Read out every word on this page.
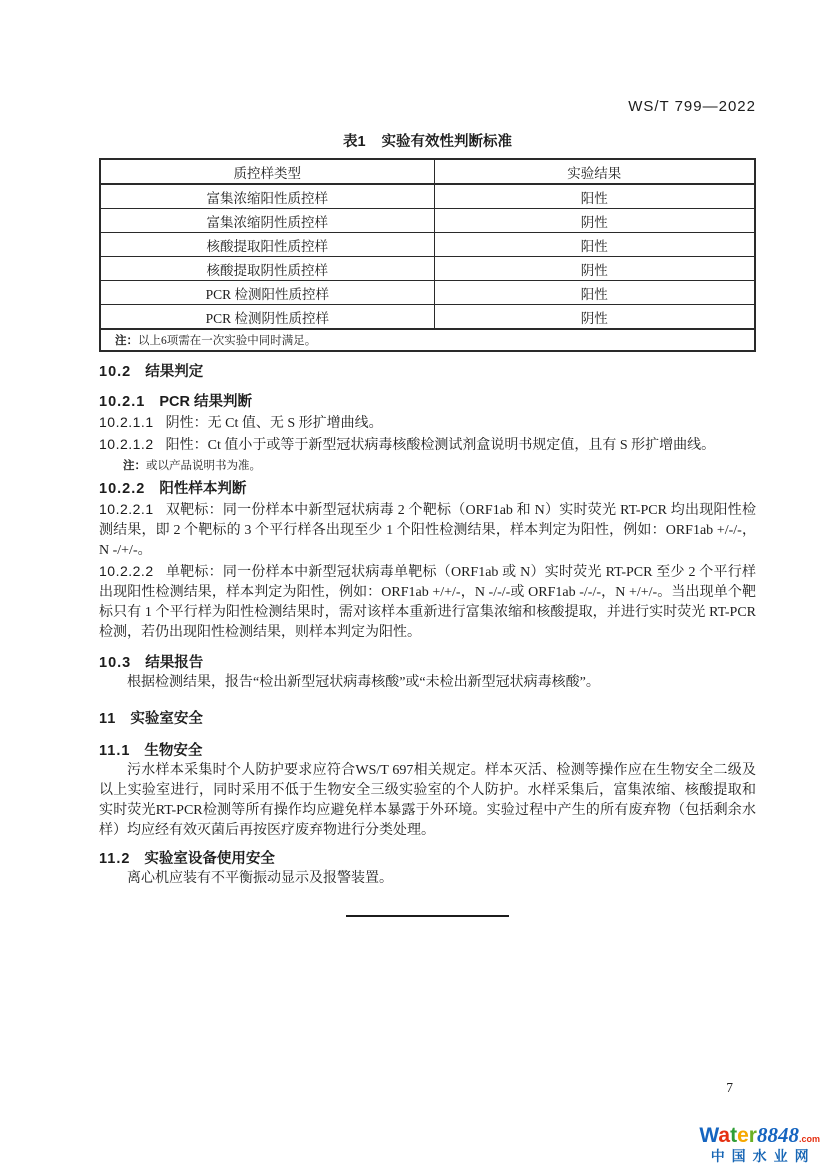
WS/T 799—2022
表1 实验有效性判断标准
质控样类型	实验结果
富集浓缩阳性质控样	阳性
富集浓缩阴性质控样	阴性
核酸提取阳性质控样	阳性
核酸提取阴性质控样	阴性
PCR 检测阳性质控样	阳性
PCR 检测阴性质控样	阴性
注：以上6项需在一次实验中同时满足。	
10.2 结果判定
10.2.1 PCR 结果判断

10.2.1.1 阴性：无 Ct 值、无 S 形扩增曲线。

10.2.1.2 阳性：Ct 值小于或等于新型冠状病毒核酸检测试剂盒说明书规定值，且有 S 形扩增曲线。

注：或以产品说明书为准。
10.2.2 阳性样本判断

10.2.2.1 双靶标：同一份样本中新型冠状病毒 2 个靶标（ORF1ab 和 N）实时荧光 RT-PCR 均出现阳性检测结果，即 2 个靶标的 3 个平行样各出现至少 1 个阳性检测结果，样本判定为阳性，例如：ORF1ab +/-/-，N -/+/-。

10.2.2.2 单靶标：同一份样本中新型冠状病毒单靶标（ORF1ab 或 N）实时荧光 RT-PCR 至少 2 个平行样出现阳性检测结果，样本判定为阳性，例如：ORF1ab +/+/-，N -/-/-或 ORF1ab -/-/-，N +/+/-。当出现单个靶标只有 1 个平行样为阳性检测结果时，需对该样本重新进行富集浓缩和核酸提取，并进行实时荧光 RT-PCR 检测，若仍出现阳性检测结果，则样本判定为阳性。

10.3 结果报告

根据检测结果，报告“检出新型冠状病毒核酸”或“未检出新型冠状病毒核酸”。

11 实验室安全
11.1 生物安全

污水样本采集时个人防护要求应符合WS/T 697相关规定。样本灭活、检测等操作应在生物安全二级及以上实验室进行，同时采用不低于生物安全三级实验室的个人防护。水样采集后，富集浓缩、核酸提取和实时荧光RT-PCR检测等所有操作均应避免样本暴露于外环境。实验过程中产生的所有废弃物（包括剩余水样）均应经有效灭菌后再按医疗废弃物进行分类处理。

11.2 实验室设备使用安全

离心机应装有不平衡振动显示及报警装置。

7
Water8848.com
中国水业网
